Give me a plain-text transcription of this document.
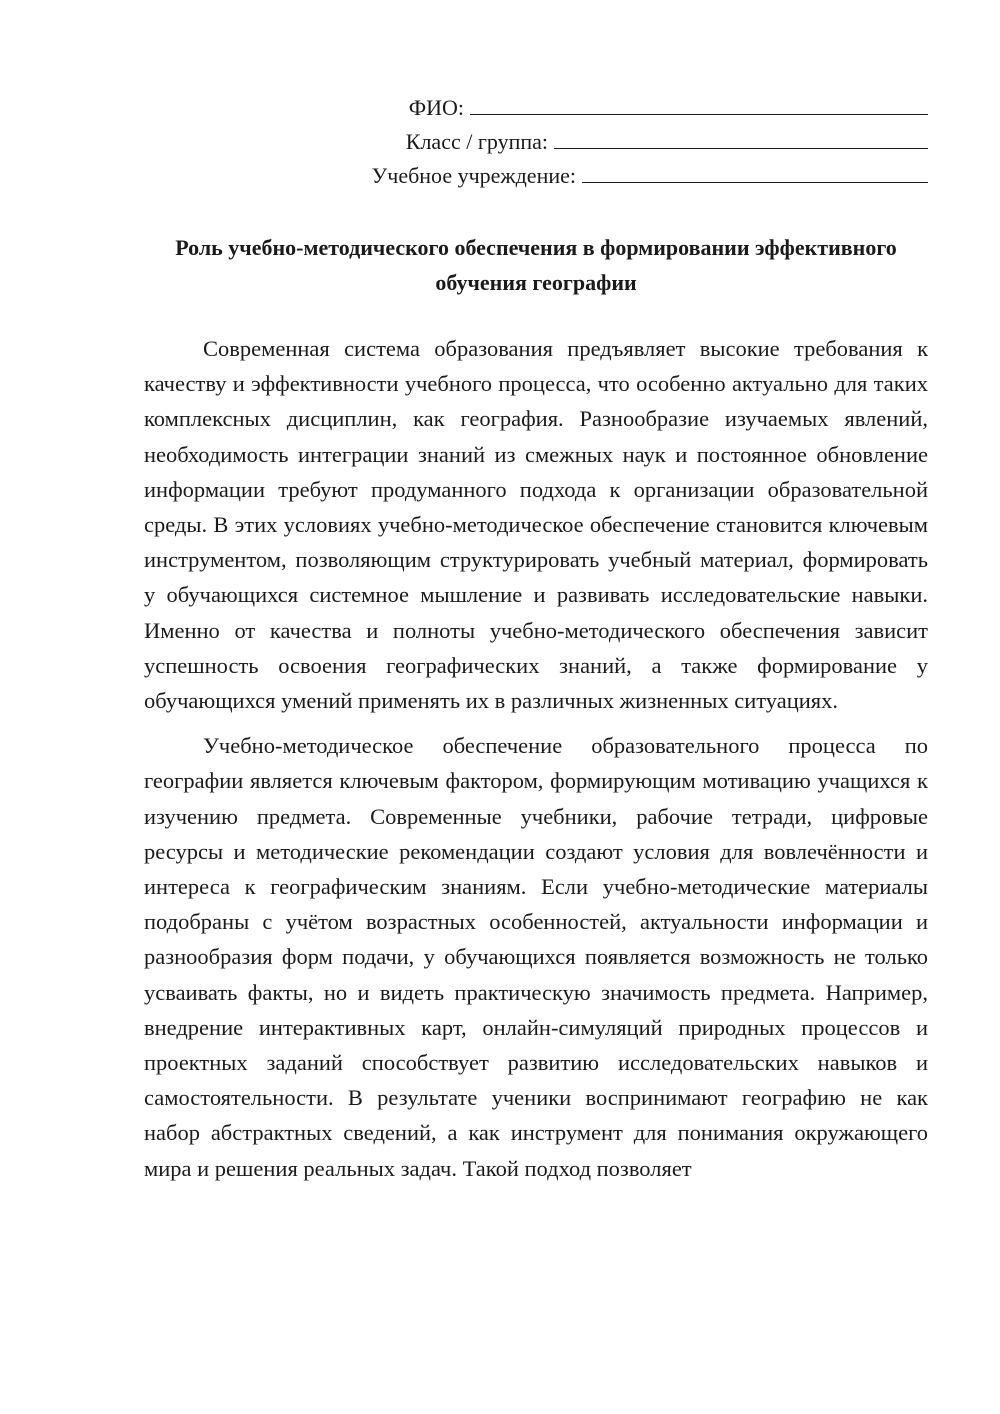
ФИО:
Класс / группа:
Учебное учреждение:
Роль учебно-методического обеспечения в формировании эффективного обучения географии

Современная система образования предъявляет высокие требования к качеству и эффективности учебного процесса, что особенно актуально для таких комплексных дисциплин, как география. Разнообразие изучаемых явлений, необходимость интеграции знаний из смежных наук и постоянное обновление информации требуют продуманного подхода к организации образовательной среды. В этих условиях учебно-методическое обеспечение становится ключевым инструментом, позволяющим структурировать учебный материал, формировать у обучающихся системное мышление и развивать исследовательские навыки. Именно от качества и полноты учебно-методического обеспечения зависит успешность освоения географических знаний, а также формирование у обучающихся умений применять их в различных жизненных ситуациях.

Учебно-методическое обеспечение образовательного процесса по географии является ключевым фактором, формирующим мотивацию учащихся к изучению предмета. Современные учебники, рабочие тетради, цифровые ресурсы и методические рекомендации создают условия для вовлечённости и интереса к географическим знаниям. Если учебно-методические материалы подобраны с учётом возрастных особенностей, актуальности информации и разнообразия форм подачи, у обучающихся появляется возможность не только усваивать факты, но и видеть практическую значимость предмета. Например, внедрение интерактивных карт, онлайн-симуляций природных процессов и проектных заданий способствует развитию исследовательских навыков и самостоятельности. В результате ученики воспринимают географию не как набор абстрактных сведений, а как инструмент для понимания окружающего мира и решения реальных задач. Такой подход позволяет
